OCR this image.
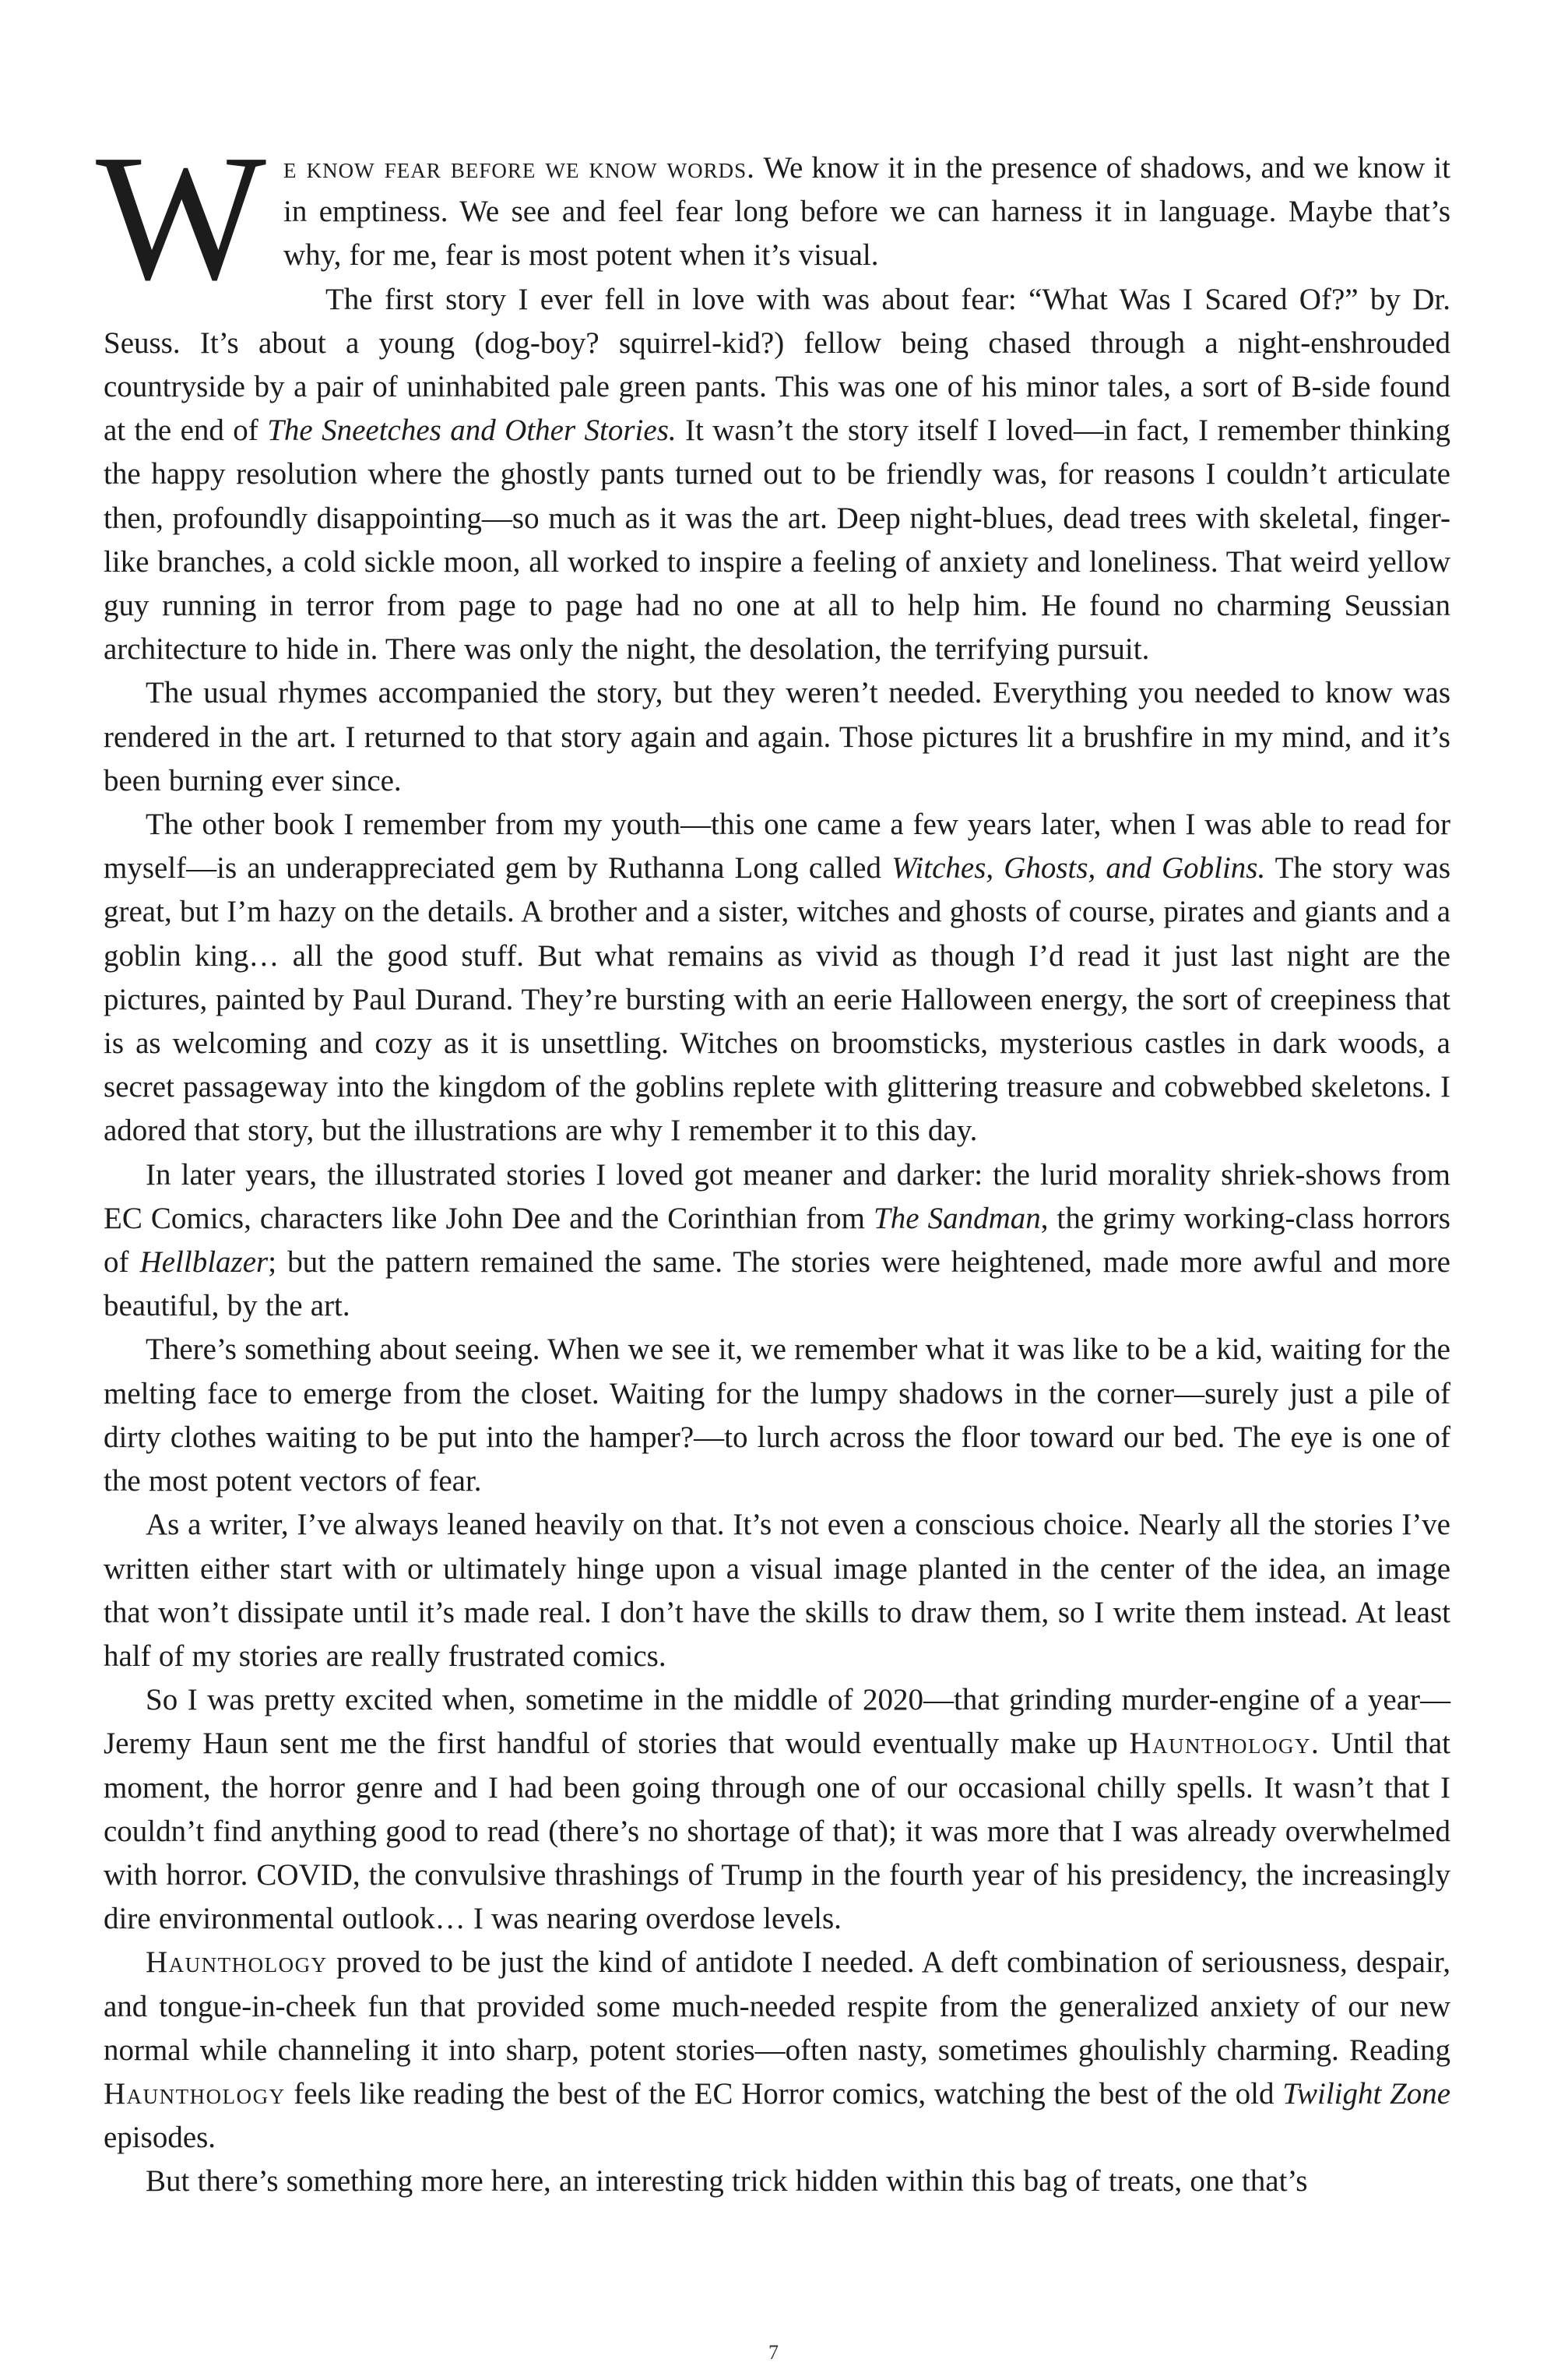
We know fear before we know words. We know it in the presence of shadows, and we know it in emptiness. We see and feel fear long before we can harness it in language. Maybe that’s why, for me, fear is most potent when it’s visual.

The first story I ever fell in love with was about fear: “What Was I Scared Of?” by Dr. Seuss. It’s about a young (dog-boy? squirrel-kid?) fellow being chased through a night-enshrouded countryside by a pair of uninhabited pale green pants. This was one of his minor tales, a sort of B-side found at the end of The Sneetches and Other Stories. It wasn’t the story itself I loved—in fact, I remember thinking the happy resolution where the ghostly pants turned out to be friendly was, for reasons I couldn’t articulate then, profoundly disappointing—so much as it was the art. Deep night-blues, dead trees with skeletal, finger-like branches, a cold sickle moon, all worked to inspire a feeling of anxiety and loneliness. That weird yellow guy running in terror from page to page had no one at all to help him. He found no charming Seussian architecture to hide in. There was only the night, the desolation, the terrifying pursuit.

The usual rhymes accompanied the story, but they weren’t needed. Everything you needed to know was rendered in the art. I returned to that story again and again. Those pictures lit a brushfire in my mind, and it’s been burning ever since.

The other book I remember from my youth—this one came a few years later, when I was able to read for myself—is an underappreciated gem by Ruthanna Long called Witches, Ghosts, and Goblins. The story was great, but I’m hazy on the details. A brother and a sister, witches and ghosts of course, pirates and giants and a goblin king… all the good stuff. But what remains as vivid as though I’d read it just last night are the pictures, painted by Paul Durand. They’re bursting with an eerie Halloween energy, the sort of creepiness that is as welcoming and cozy as it is unsettling. Witches on broomsticks, mysterious castles in dark woods, a secret passageway into the kingdom of the goblins replete with glittering treasure and cobwebbed skeletons. I adored that story, but the illustrations are why I remember it to this day.

In later years, the illustrated stories I loved got meaner and darker: the lurid morality shriek-shows from EC Comics, characters like John Dee and the Corinthian from The Sandman, the grimy working-class horrors of Hellblazer; but the pattern remained the same. The stories were heightened, made more awful and more beautiful, by the art.

There’s something about seeing. When we see it, we remember what it was like to be a kid, waiting for the melting face to emerge from the closet. Waiting for the lumpy shadows in the corner—surely just a pile of dirty clothes waiting to be put into the hamper?—to lurch across the floor toward our bed. The eye is one of the most potent vectors of fear.

As a writer, I’ve always leaned heavily on that. It’s not even a conscious choice. Nearly all the stories I’ve written either start with or ultimately hinge upon a visual image planted in the center of the idea, an image that won’t dissipate until it’s made real. I don’t have the skills to draw them, so I write them instead. At least half of my stories are really frustrated comics.

So I was pretty excited when, sometime in the middle of 2020—that grinding murder-engine of a year—Jeremy Haun sent me the first handful of stories that would eventually make up Haunthology. Until that moment, the horror genre and I had been going through one of our occasional chilly spells. It wasn’t that I couldn’t find anything good to read (there’s no shortage of that); it was more that I was already overwhelmed with horror. COVID, the convulsive thrashings of Trump in the fourth year of his presidency, the increasingly dire environmental outlook… I was nearing overdose levels.

Haunthology proved to be just the kind of antidote I needed. A deft combination of seriousness, despair, and tongue-in-cheek fun that provided some much-needed respite from the generalized anxiety of our new normal while channeling it into sharp, potent stories—often nasty, sometimes ghoulishly charming. Reading Haunthology feels like reading the best of the EC Horror comics, watching the best of the old Twilight Zone episodes.

But there’s something more here, an interesting trick hidden within this bag of treats, one that’s

7
